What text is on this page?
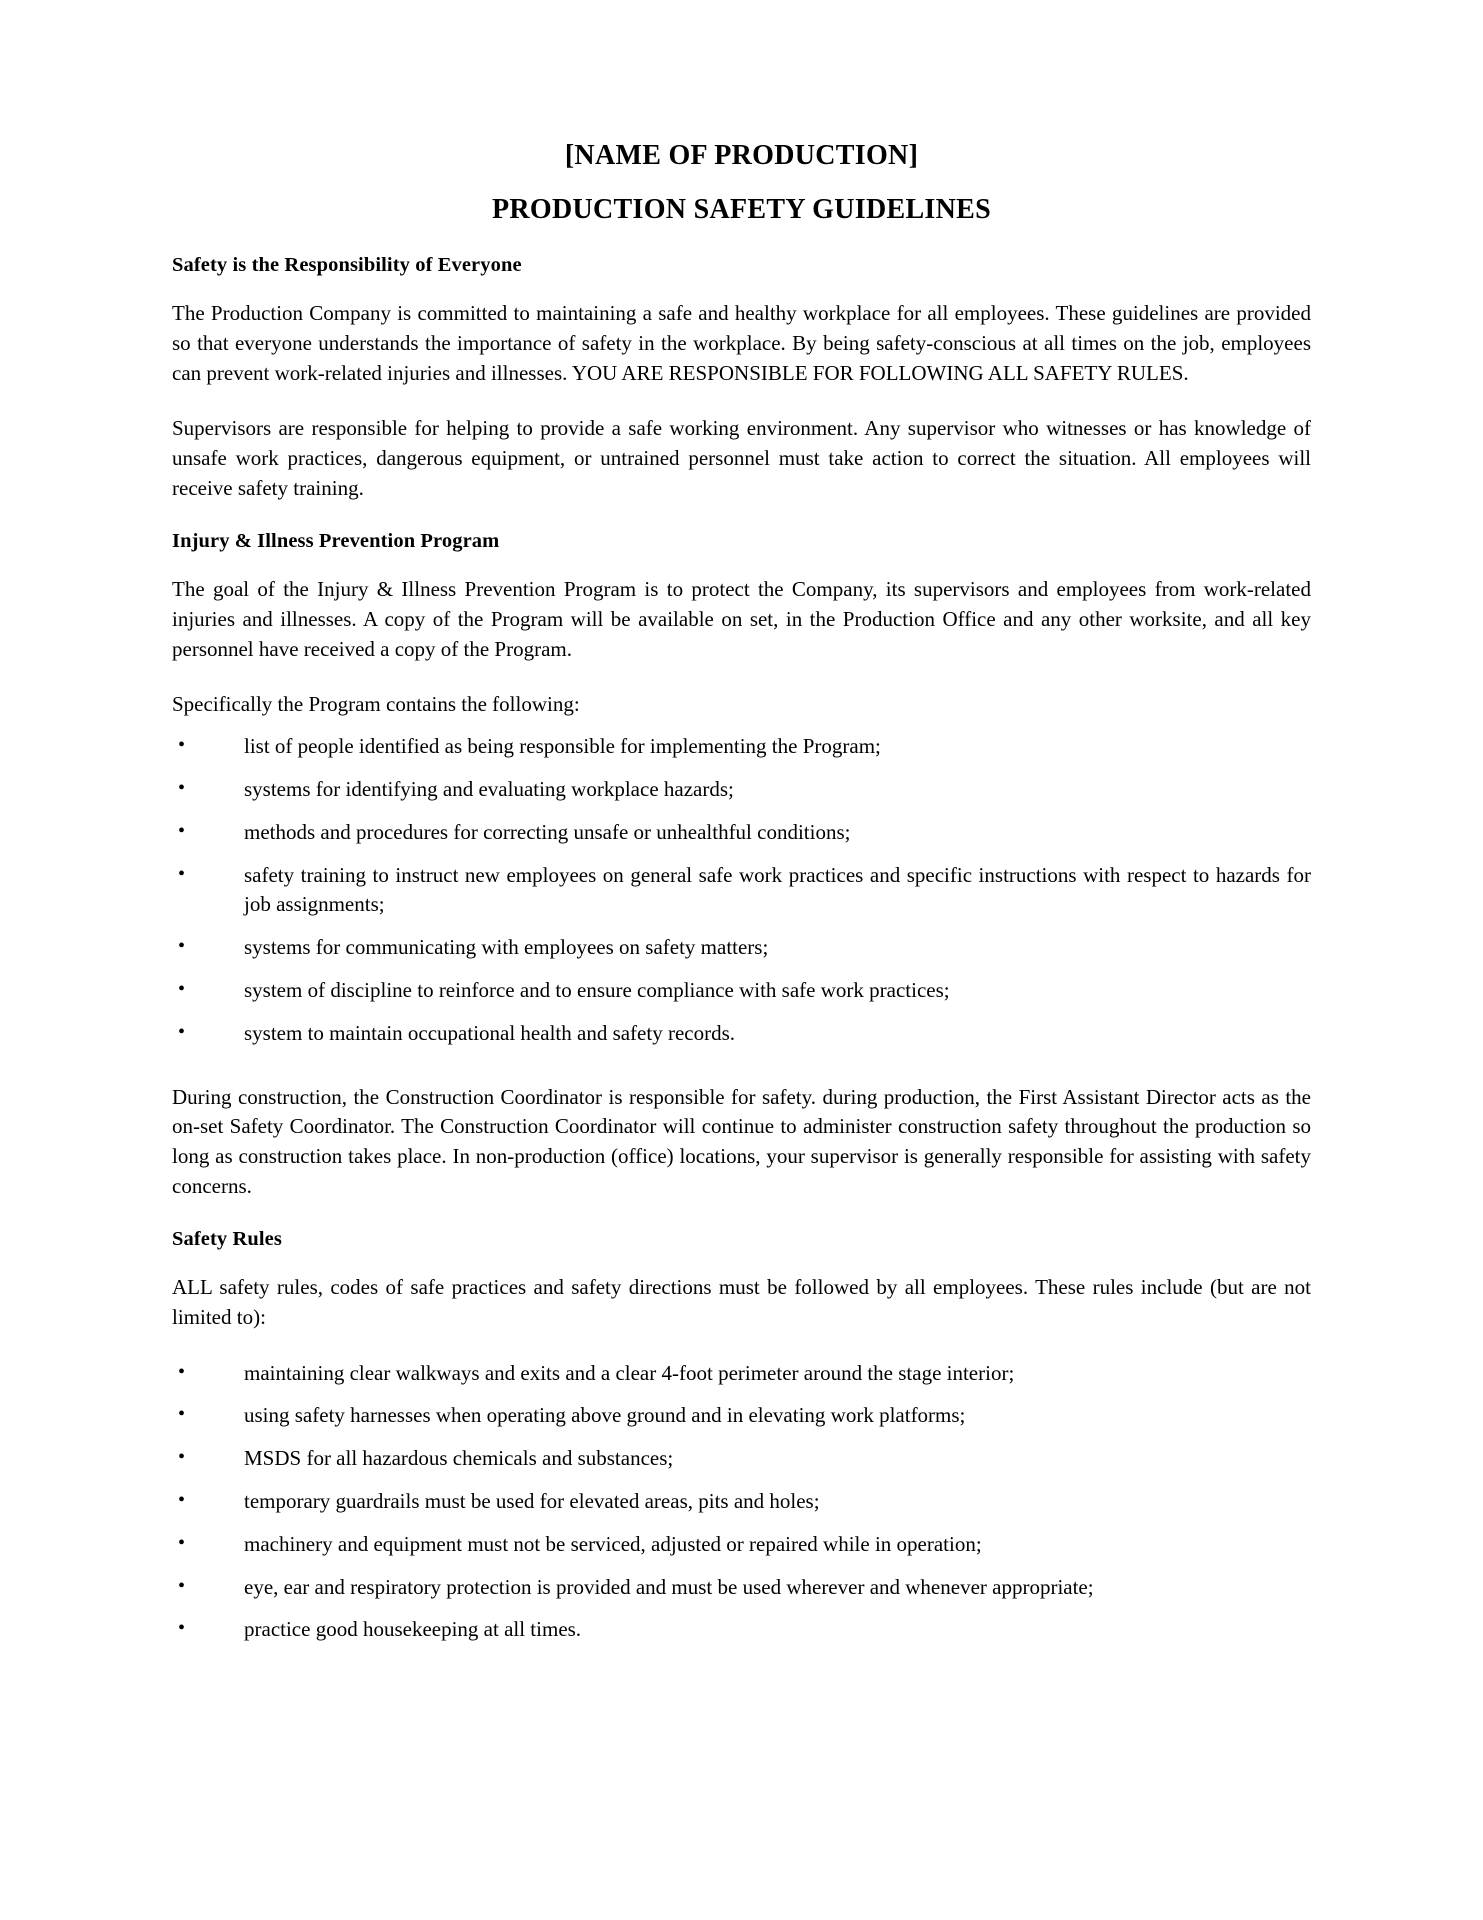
[NAME OF PRODUCTION]
PRODUCTION SAFETY GUIDELINES
Safety is the Responsibility of Everyone

The Production Company is committed to maintaining a safe and healthy workplace for all employees. These guidelines are provided so that everyone understands the importance of safety in the workplace. By being safety-conscious at all times on the job, employees can prevent work-related injuries and illnesses. YOU ARE RESPONSIBLE FOR FOLLOWING ALL SAFETY RULES.

Supervisors are responsible for helping to provide a safe working environment. Any supervisor who witnesses or has knowledge of unsafe work practices, dangerous equipment, or untrained personnel must take action to correct the situation. All employees will receive safety training.

Injury & Illness Prevention Program

The goal of the Injury & Illness Prevention Program is to protect the Company, its supervisors and employees from work-related injuries and illnesses. A copy of the Program will be available on set, in the Production Office and any other worksite, and all key personnel have received a copy of the Program.

Specifically the Program contains the following:

•	list of people identified as being responsible for implementing the Program;
•	systems for identifying and evaluating workplace hazards;
•	methods and procedures for correcting unsafe or unhealthful conditions;
•	safety training to instruct new employees on general safe work practices and specific instructions with respect to hazards for job assignments;
•	systems for communicating with employees on safety matters;
•	system of discipline to reinforce and to ensure compliance with safe work practices;
•	system to maintain occupational health and safety records.

During construction, the Construction Coordinator is responsible for safety. during production, the First Assistant Director acts as the on-set Safety Coordinator. The Construction Coordinator will continue to administer construction safety throughout the production so long as construction takes place. In non-production (office) locations, your supervisor is generally responsible for assisting with safety concerns.

Safety Rules

ALL safety rules, codes of safe practices and safety directions must be followed by all employees. These rules include (but are not limited to):

•	maintaining clear walkways and exits and a clear 4-foot perimeter around the stage interior;
•	using safety harnesses when operating above ground and in elevating work platforms;
•	MSDS for all hazardous chemicals and substances;
•	temporary guardrails must be used for elevated areas, pits and holes;
•	machinery and equipment must not be serviced, adjusted or repaired while in operation;
•	eye, ear and respiratory protection is provided and must be used wherever and whenever appropriate;
•	practice good housekeeping at all times.
